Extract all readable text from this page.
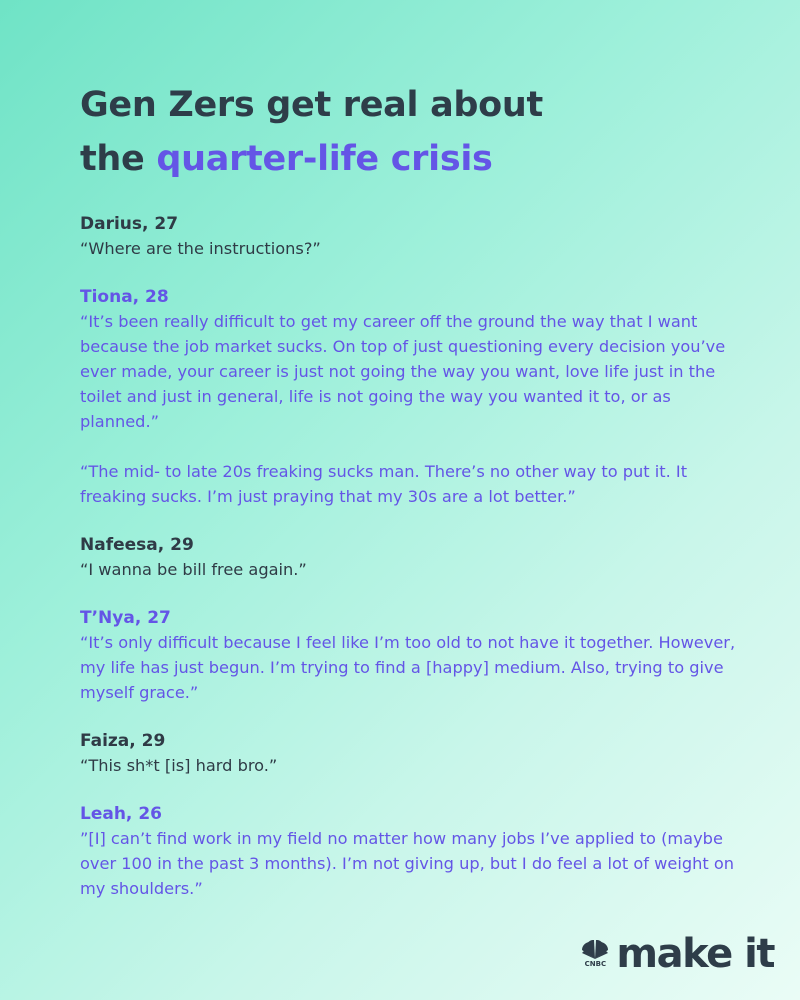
Gen Zers get real about
the quarter-life crisis
Darius, 27

“Where are the instructions?”

Tiona, 28

“It’s been really difficult to get my career off the ground the way that I want because the job market sucks. On top of just questioning every decision you’ve ever made, your career is just not going the way you want, love life just in the toilet and just in general, life is not going the way you wanted it to, or as planned.”

“The mid- to late 20s freaking sucks man. There’s no other way to put it. It freaking sucks. I’m just praying that my 30s are a lot better.”

Nafeesa, 29

“I wanna be bill free again.”

T’Nya, 27

“It’s only difficult because I feel like I’m too old to not have it together. However, my life has just begun. I’m trying to find a [happy] medium. Also, trying to give myself grace.”

Faiza, 29

“This sh*t [is] hard bro.”

Leah, 26

”[I] can’t find work in my field no matter how many jobs I’ve applied to (maybe over 100 in the past 3 months). I’m not giving up, but I do feel a lot of weight on my shoulders.”

CNBC make it
